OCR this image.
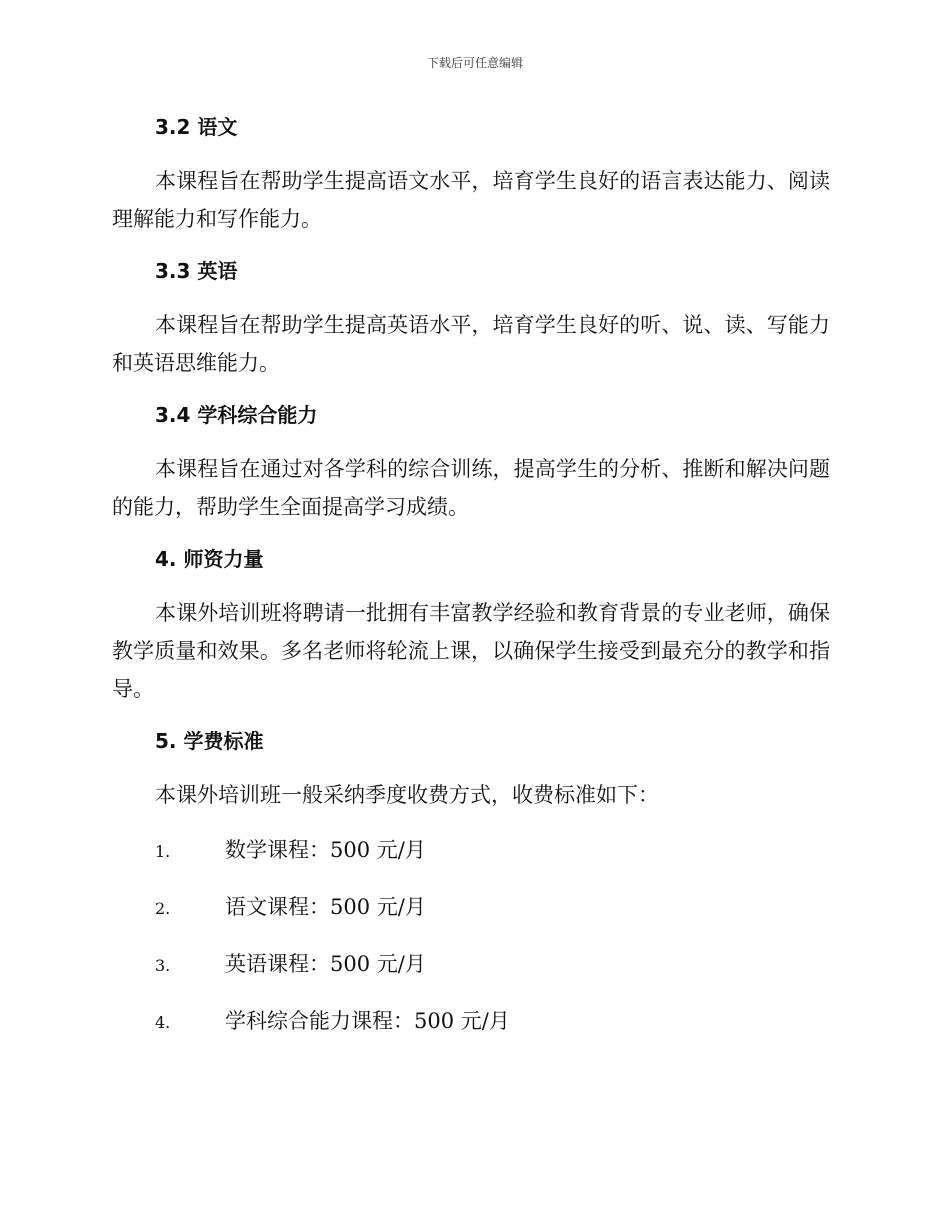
下载后可任意编辑
3.2 语文

本课程旨在帮助学生提高语文水平，培育学生良好的语言表达能力、阅读理解能力和写作能力。

3.3 英语

本课程旨在帮助学生提高英语水平，培育学生良好的听、说、读、写能力和英语思维能力。

3.4 学科综合能力

本课程旨在通过对各学科的综合训练，提高学生的分析、推断和解决问题的能力，帮助学生全面提高学习成绩。

4. 师资力量

本课外培训班将聘请一批拥有丰富教学经验和教育背景的专业老师，确保教学质量和效果。多名老师将轮流上课，以确保学生接受到最充分的教学和指导。

5. 学费标准

本课外培训班一般采纳季度收费方式，收费标准如下：

1.	数学课程：500 元/月
2.	语文课程：500 元/月
3.	英语课程：500 元/月
4.	学科综合能力课程：500 元/月
